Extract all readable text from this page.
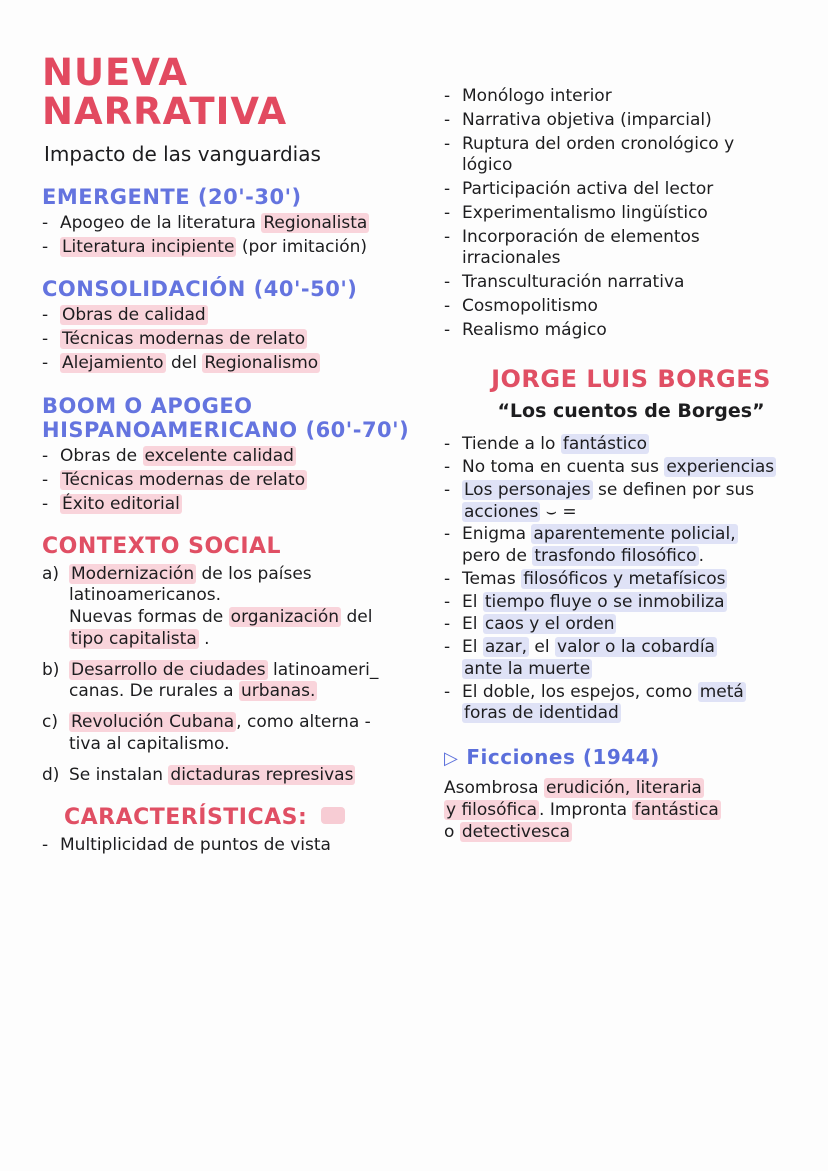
NUEVA NARRATIVA
Impacto de las vanguardias
EMERGENTE (20'-30')
- Apogeo de la literatura Regionalista
- Literatura incipiente (por imitación)
CONSOLIDACIÓN (40'-50')
- Obras de calidad
- Técnicas modernas de relato
- Alejamiento del Regionalismo
BOOM O APOGEO
HISPANOAMERICANO (60'-70')
- Obras de excelente calidad
- Técnicas modernas de relato
- Éxito editorial
CONTEXTO SOCIAL
a) Modernización de los países
latinoamericanos.
Nuevas formas de organización del
tipo capitalista .
b) Desarrollo de ciudades latinoameri_
canas. De rurales a urbanas.
c) Revolución Cubana , como alterna -
tiva al capitalismo.
d) Se instalan dictaduras represivas
CARACTERÍSTICAS:
- Multiplicidad de puntos de vista
- Monólogo interior
- Narrativa objetiva (imparcial)
- Ruptura del orden cronológico y
lógico
- Participación activa del lector
- Experimentalismo lingüístico
- Incorporación de elementos
irracionales
- Transculturación narrativa
- Cosmopolitismo
- Realismo mágico
JORGE LUIS BORGES
“Los cuentos de Borges”
- Tiende a lo fantástico
- No toma en cuenta sus experiencias
- Los personajes se definen por sus
acciones ⌣ =
- Enigma aparentemente policial,
pero de trasfondo filosófico .
- Temas filosóficos y metafísicos
- El tiempo fluye o se inmobiliza
- El caos y el orden
- El azar, el valor o la cobardía
ante la muerte
- El doble, los espejos, como metá
foras de identidad
▷ Ficciones (1944)
Asombrosa erudición, literaria
y filosófica . Impronta fantástica
o detectivesca
